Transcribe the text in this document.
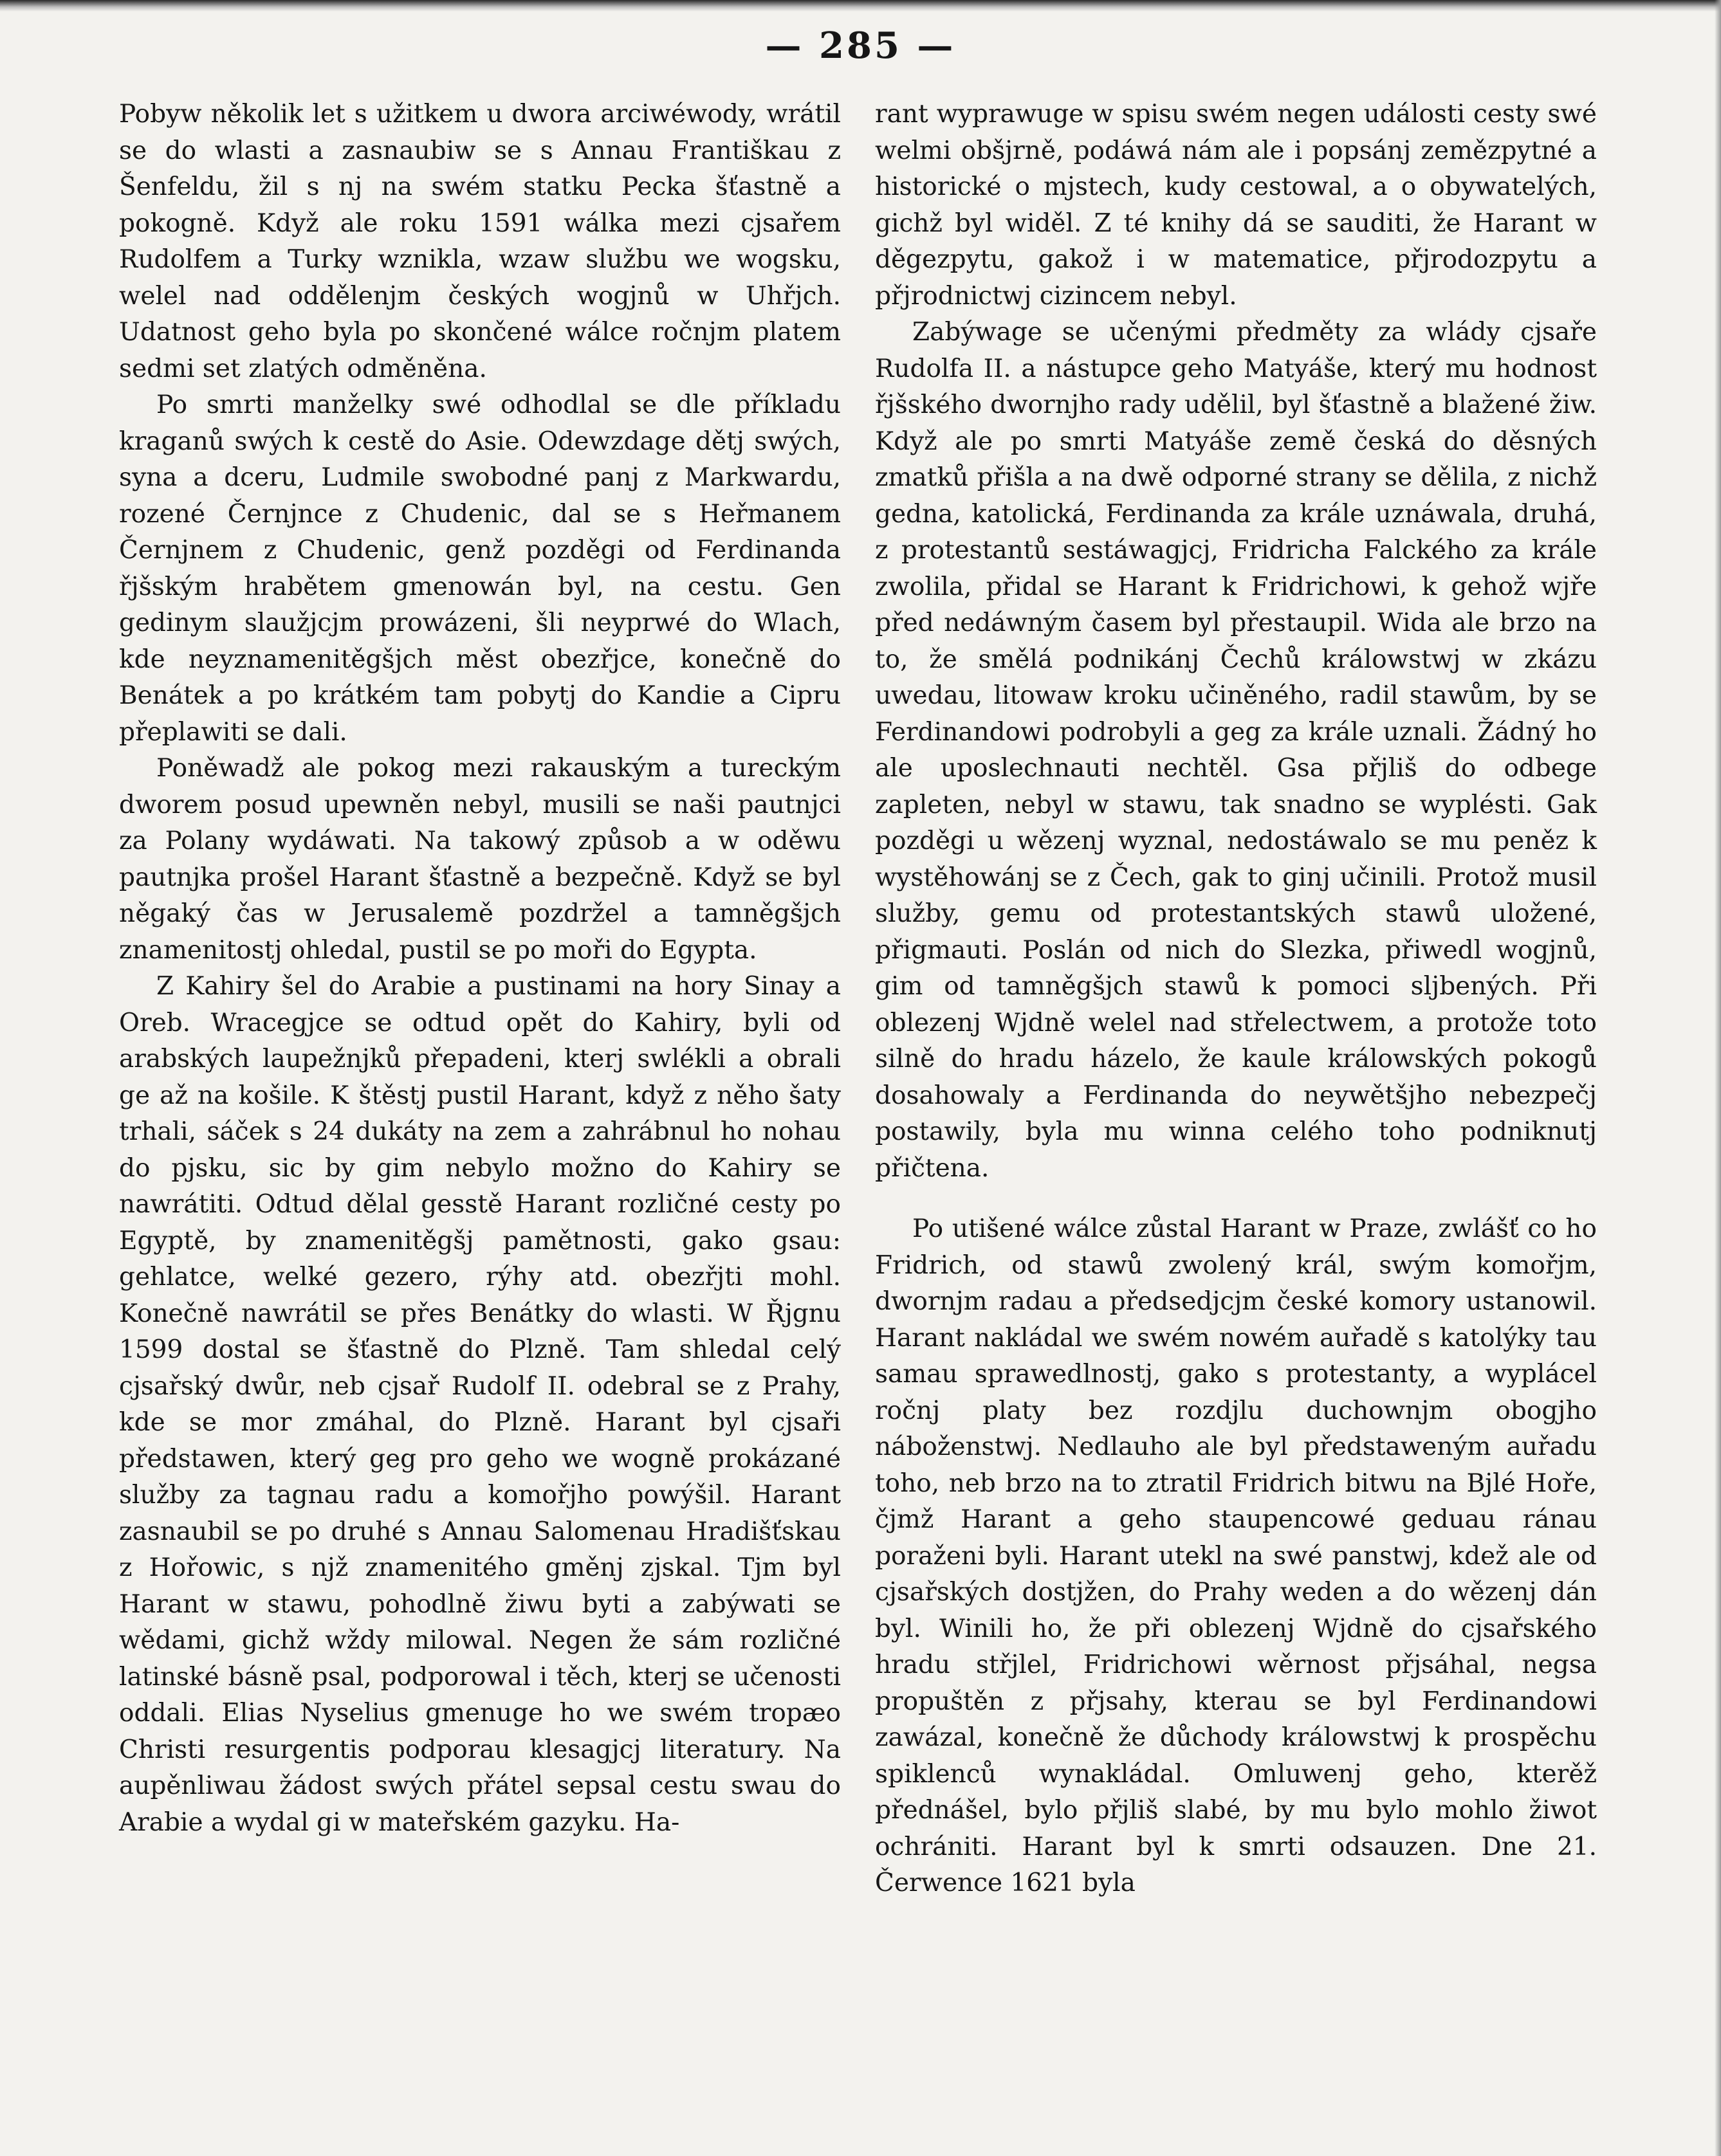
— 285 —

Pobyw několik let s užitkem u dwora arciwéwody, wrátil se do wlasti a zasnaubiw se s Annau Františkau z Šenfeldu, žil s nj na swém statku Pecka šťastně a pokogně. Když ale roku 1591 wálka mezi cjsařem Rudolfem a Turky wznikla, wzaw službu we wogsku, welel nad oddělenjm českých wogjnů w Uhřjch. Udatnost geho byla po skončené wálce ročnjm platem sedmi set zlatých odměněna.

Po smrti manželky swé odhodlal se dle příkladu kraganů swých k cestě do Asie. Odewzdage dětj swých, syna a dceru, Ludmile swobodné panj z Markwardu, rozené Černjnce z Chudenic, dal se s Heřmanem Černjnem z Chudenic, genž pozděgi od Ferdinanda řjšským hrabětem gmenowán byl, na cestu. Gen gedinym slaužjcjm prowázeni, šli neyprwé do Wlach, kde neyznamenitěgšjch měst obezřjce, konečně do Benátek a po krátkém tam pobytj do Kandie a Cipru přeplawiti se dali.

Poněwadž ale pokog mezi rakauským a tureckým dworem posud upewněn nebyl, musili se naši pautnjci za Polany wydáwati. Na takowý způsob a w oděwu pautnjka prošel Harant šťastně a bezpečně. Když se byl něgaký čas w Jerusalemě pozdržel a tamněgšjch znamenitostj ohledal, pustil se po moři do Egypta.

Z Kahiry šel do Arabie a pustinami na hory Sinay a Oreb. Wracegjce se odtud opět do Kahiry, byli od arabských laupežnjků přepadeni, kterj swlékli a obrali ge až na košile. K štěstj pustil Harant, když z něho šaty trhali, sáček s 24 dukáty na zem a zahrábnul ho nohau do pjsku, sic by gim nebylo možno do Kahiry se nawrátiti. Odtud dělal gesstě Harant rozličné cesty po Egyptě, by znamenitěgšj pamětnosti, gako gsau: gehlatce, welké gezero, rýhy atd. obezřjti mohl. Konečně nawrátil se přes Benátky do wlasti. W Řjgnu 1599 dostal se šťastně do Plzně. Tam shledal celý cjsařský dwůr, neb cjsař Rudolf II. odebral se z Prahy, kde se mor zmáhal, do Plzně. Harant byl cjsaři předstawen, který geg pro geho we wogně prokázané služby za tagnau radu a komořjho powýšil. Harant zasnaubil se po druhé s Annau Salomenau Hradišťskau z Hořowic, s njž znamenitého gměnj zjskal. Tjm byl Harant w stawu, pohodlně žiwu byti a zabýwati se wědami, gichž wždy milowal. Negen že sám rozličné latinské básně psal, podporowal i těch, kterj se učenosti oddali. Elias Nyselius gmenuge ho we swém tropæo Christi resurgentis podporau klesagjcj literatury. Na aupěnliwau žádost swých přátel sepsal cestu swau do Arabie a wydal gi w mateřském gazyku. Ha-

rant wyprawuge w spisu swém negen události cesty swé welmi obšjrně, podáwá nám ale i popsánj zemězpytné a historické o mjstech, kudy cestowal, a o obywatelých, gichž byl widěl. Z té knihy dá se sauditi, že Harant w děgezpytu, gakož i w matematice, přjrodozpytu a přjrodnictwj cizincem nebyl.

Zabýwage se učenými předměty za wlády cjsaře Rudolfa II. a nástupce geho Matyáše, který mu hodnost řjšského dwornjho rady udělil, byl šťastně a blažené žiw. Když ale po smrti Matyáše země česká do děsných zmatků přišla a na dwě odporné strany se dělila, z nichž gedna, katolická, Ferdinanda za krále uznáwala, druhá, z protestantů sestáwagjcj, Fridricha Falckého za krále zwolila, přidal se Harant k Fridrichowi, k gehož wjře před nedáwným časem byl přestaupil. Wida ale brzo na to, že smělá podnikánj Čechů králowstwj w zkázu uwedau, litowaw kroku učiněného, radil stawům, by se Ferdinandowi podrobyli a geg za krále uznali. Žádný ho ale uposlechnauti nechtěl. Gsa přjliš do odbege zapleten, nebyl w stawu, tak snadno se wyplésti. Gak pozděgi u wězenj wyznal, nedostáwalo se mu peněz k wystěhowánj se z Čech, gak to ginj učinili. Protož musil služby, gemu od protestantských stawů uložené, přigmauti. Poslán od nich do Slezka, přiwedl wogjnů, gim od tamněgšjch stawů k pomoci sljbených. Při oblezenj Wjdně welel nad střelectwem, a protože toto silně do hradu házelo, že kaule králowských pokogů dosahowaly a Ferdinanda do neywětšjho nebezpečj postawily, byla mu winna celého toho podniknutj přičtena.

Po utišené wálce zůstal Harant w Praze, zwlášť co ho Fridrich, od stawů zwolený král, swým komořjm, dwornjm radau a předsedjcjm české komory ustanowil. Harant nakládal we swém nowém auřadě s katolýky tau samau sprawedlnostj, gako s protestanty, a wyplácel ročnj platy bez rozdjlu duchownjm obogjho náboženstwj. Nedlauho ale byl předstaweným auřadu toho, neb brzo na to ztratil Fridrich bitwu na Bjlé Hoře, čjmž Harant a geho staupencowé geduau ránau poraženi byli. Harant utekl na swé panstwj, kdež ale od cjsařských dostjžen, do Prahy weden a do wězenj dán byl. Winili ho, že při oblezenj Wjdně do cjsařského hradu střjlel, Fridrichowi wěrnost přjsáhal, negsa propuštěn z přjsahy, kterau se byl Ferdinandowi zawázal, konečně že důchody králowstwj k prospěchu spiklenců wynakládal. Omluwenj geho, kterěž přednášel, bylo přjliš slabé, by mu bylo mohlo žiwot ochrániti. Harant byl k smrti odsauzen. Dne 21. Čerwence 1621 byla
